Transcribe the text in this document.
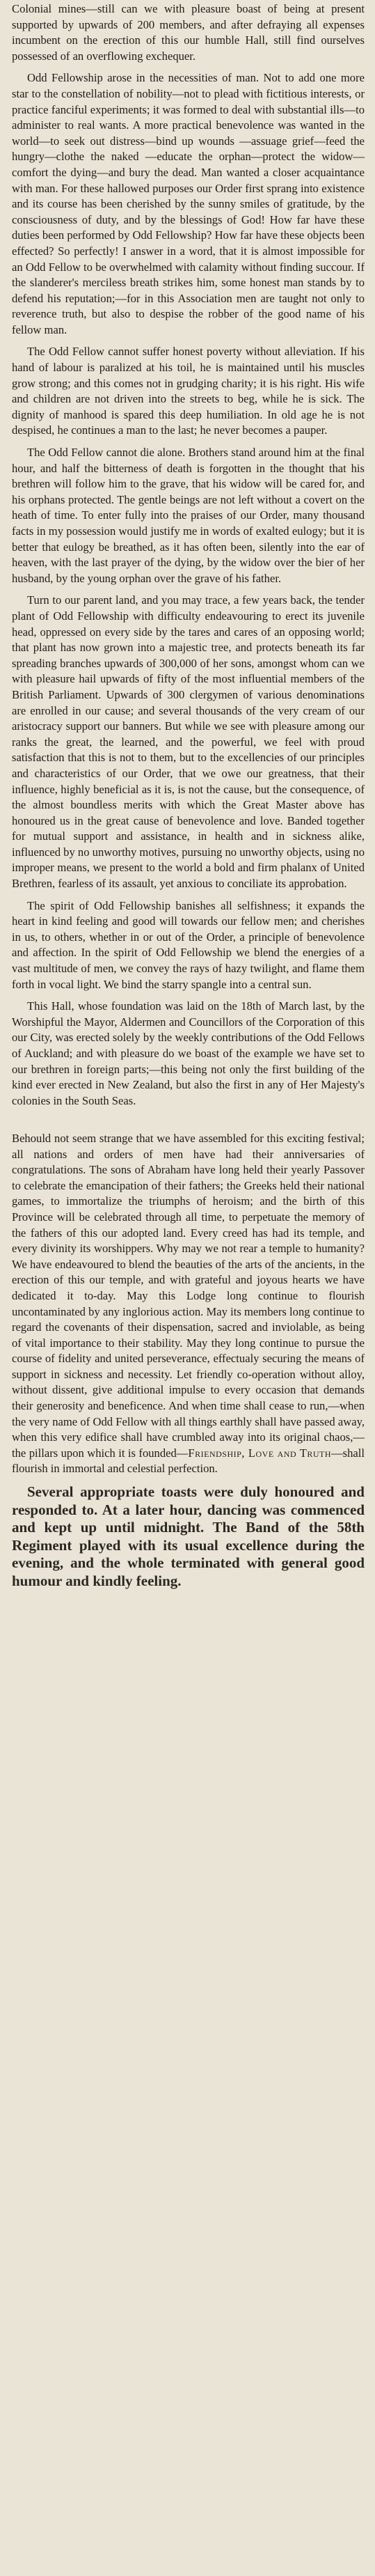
Colonial mines—still can we with pleasure boast of being at present supported by upwards of 200 members, and after defraying all expenses incumbent on the erection of this our humble Hall, still find ourselves possessed of an overflowing exchequer.

Odd Fellowship arose in the necessities of man. Not to add one more star to the constellation of nobility—not to plead with fictitious interests, or practice fanciful experiments; it was formed to deal with substantial ills—to administer to real wants. A more practical benevolence was wanted in the world—to seek out distress—bind up wounds —assuage grief—feed the hungry—clothe the naked —educate the orphan—protect the widow—comfort the dying—and bury the dead. Man wanted a closer acquaintance with man. For these hallowed purposes our Order first sprang into existence and its course has been cherished by the sunny smiles of gratitude, by the consciousness of duty, and by the blessings of God! How far have these duties been performed by Odd Fellowship? How far have these objects been effected? So perfectly! I answer in a word, that it is almost impossible for an Odd Fellow to be overwhelmed with calamity without finding succour. If the slanderer's merciless breath strikes him, some honest man stands by to defend his reputation;—for in this Association men are taught not only to reverence truth, but also to despise the robber of the good name of his fellow man.

The Odd Fellow cannot suffer honest poverty without alleviation. If his hand of labour is paralized at his toil, he is maintained until his muscles grow strong; and this comes not in grudging charity; it is his right. His wife and children are not driven into the streets to beg, while he is sick. The dignity of manhood is spared this deep humiliation. In old age he is not despised, he continues a man to the last; he never becomes a pauper.

The Odd Fellow cannot die alone. Brothers stand around him at the final hour, and half the bitterness of death is forgotten in the thought that his brethren will follow him to the grave, that his widow will be cared for, and his orphans protected. The gentle beings are not left without a covert on the heath of time. To enter fully into the praises of our Order, many thousand facts in my possession would justify me in words of exalted eulogy; but it is better that eulogy be breathed, as it has often been, silently into the ear of heaven, with the last prayer of the dying, by the widow over the bier of her husband, by the young orphan over the grave of his father.

Turn to our parent land, and you may trace, a few years back, the tender plant of Odd Fellowship with difficulty endeavouring to erect its juvenile head, oppressed on every side by the tares and cares of an opposing world; that plant has now grown into a majestic tree, and protects beneath its far spreading branches upwards of 300,000 of her sons, amongst whom can we with pleasure hail upwards of fifty of the most influential members of the British Parliament. Upwards of 300 clergymen of various denominations are enrolled in our cause; and several thousands of the very cream of our aristocracy support our banners. But while we see with pleasure among our ranks the great, the learned, and the powerful, we feel with proud satisfaction that this is not to them, but to the excellencies of our principles and characteristics of our Order, that we owe our greatness, that their influence, highly beneficial as it is, is not the cause, but the consequence, of the almost boundless merits with which the Great Master above has honoured us in the great cause of benevolence and love. Banded together for mutual support and assistance, in health and in sickness alike, influenced by no unworthy motives, pursuing no unworthy objects, using no improper means, we present to the world a bold and firm phalanx of United Brethren, fearless of its assault, yet anxious to conciliate its approbation.

The spirit of Odd Fellowship banishes all selfishness; it expands the heart in kind feeling and good will towards our fellow men; and cherishes in us, to others, whether in or out of the Order, a principle of benevolence and affection. In the spirit of Odd Fellowship we blend the energies of a vast multitude of men, we convey the rays of hazy twilight, and flame them forth in vocal light. We bind the starry spangle into a central sun.

This Hall, whose foundation was laid on the 18th of March last, by the Worshipful the Mayor, Aldermen and Councillors of the Corporation of this our City, was erected solely by the weekly contributions of the Odd Fellows of Auckland; and with pleasure do we boast of the example we have set to our brethren in foreign parts;—this being not only the first building of the kind ever erected in New Zealand, but also the first in any of Her Majesty's colonies in the South Seas.

Behould not seem strange that we have assembled for this exciting festival; all nations and orders of men have had their anniversaries of congratulations. The sons of Abraham have long held their yearly Passover to celebrate the emancipation of their fathers; the Greeks held their national games, to immortalize the triumphs of heroism; and the birth of this Province will be celebrated through all time, to perpetuate the memory of the fathers of this our adopted land. Every creed has had its temple, and every divinity its worshippers. Why may we not rear a temple to humanity? We have endeavoured to blend the beauties of the arts of the ancients, in the erection of this our temple, and with grateful and joyous hearts we have dedicated it to-day. May this Lodge long continue to flourish uncontaminated by any inglorious action. May its members long continue to regard the covenants of their dispensation, sacred and inviolable, as being of vital importance to their stability. May they long continue to pursue the course of fidelity and united perseverance, effectualy securing the means of support in sickness and necessity. Let friendly co-operation without alloy, without dissent, give additional impulse to every occasion that demands their generosity and beneficence. And when time shall cease to run,—when the very name of Odd Fellow with all things earthly shall have passed away, when this very edifice shall have crumbled away into its original chaos,—the pillars upon which it is founded—Friendship, Love and Truth—shall flourish in immortal and celestial perfection.

Several appropriate toasts were duly honoured and responded to. At a later hour, dancing was commenced and kept up until midnight. The Band of the 58th Regiment played with its usual excellence during the evening, and the whole terminated with general good humour and kindly feeling.
